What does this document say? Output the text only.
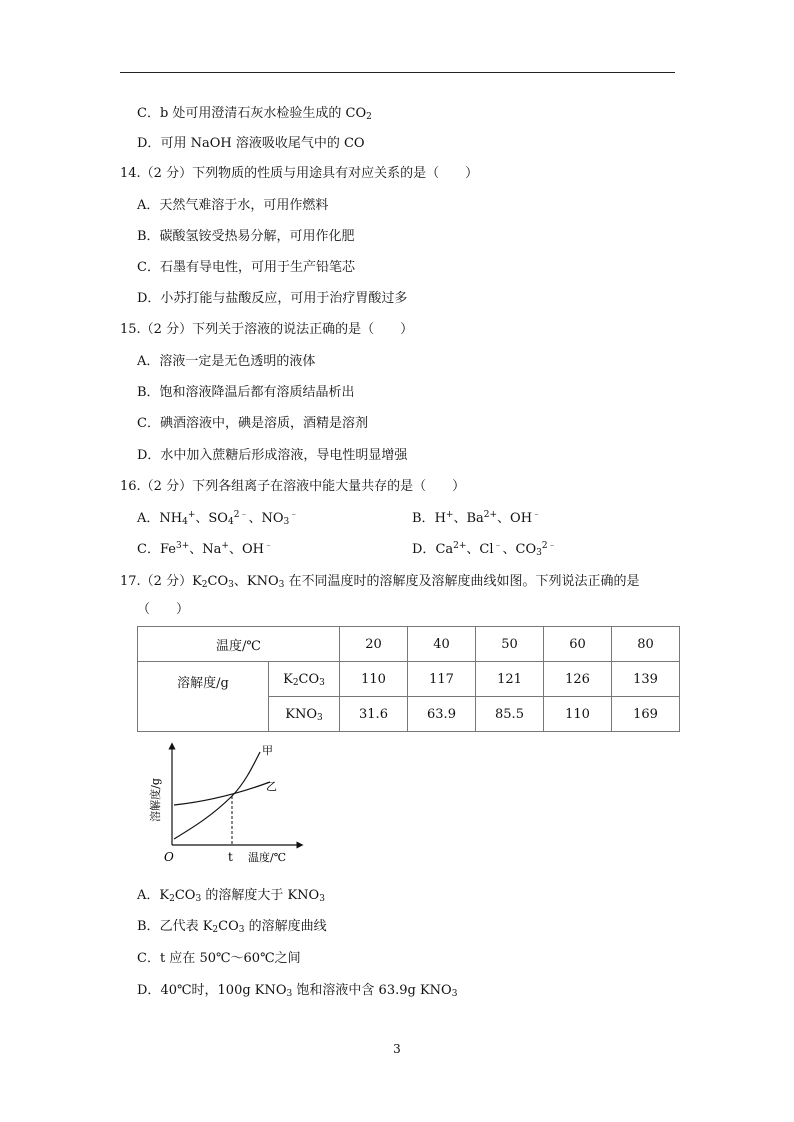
C．b 处可用澄清石灰水检验生成的 $CO_2$
D．可用 NaOH 溶液吸收尾气中的 CO
14.（2 分）下列物质的性质与用途具有对应关系的是（　　）
A．天然气难溶于水，可用作燃料
B．碳酸氢铵受热易分解，可用作化肥
C．石墨有导电性，可用于生产铅笔芯
D．小苏打能与盐酸反应，可用于治疗胃酸过多
15.（2 分）下列关于溶液的说法正确的是（　　）
A．溶液一定是无色透明的液体
B．饱和溶液降温后都有溶质结晶析出
C．碘酒溶液中，碘是溶质，酒精是溶剂
D．水中加入蔗糖后形成溶液，导电性明显增强
16.（2 分）下列各组离子在溶液中能大量共存的是（　　）
A．$NH_4^+$、$SO_4^{2﹣}$、$NO_3^﹣$	B．H+、$Ba^{2+}$、OH﹣
C．$Fe^{3+}$、Na+、OH﹣	D．$Ca^{2+}$、Cl﹣、$CO_3^{2﹣}$
17.（2 分）$K_2CO_3$、$KNO_3$ 在不同温度时的溶解度及溶解度曲线如图。下列说法正确的是
（　　）
温度/℃		20	40	50	60	80
溶解度/g	$K_2CO_3$	110	117	121	126	139
	$KNO_3$	31.6	63.9	85.5	110	169
溶解度/g
甲
乙
O	t 温度/℃
A．$K_2CO_3$ 的溶解度大于 $KNO_3$
B．乙代表 $K_2CO_3$ 的溶解度曲线
C．t 应在 50℃～60℃之间
D．40℃时，100g $KNO_3$ 饱和溶液中含 63.9g $KNO_3$
3
